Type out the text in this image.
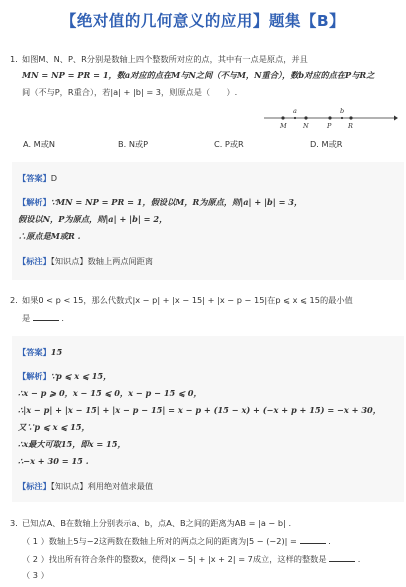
【绝对值的几何意义的应用】题集【B】
1. 如图M、N、P、R分别是数轴上四个整数所对应的点，其中有一点是原点，并且
MN = NP = PR = 1，数a对应的点在M与N之间（不与M，N重合），数b对应的点在P与R之
间（不与P，R重合），若|a| + |b| = 3，则原点是（　　）.
a	b
M	N	P	R
A. M或N	B. N或P	C. P或R	D. M或R
【答案】D
【解析】∵MN = NP = PR = 1，假设以M，R为原点，则|a| + |b| = 3，
假设以N，P为原点，则|a| + |b| = 2，
∴原点是M或R .
【标注】【知识点】数轴上两点间距离
2. 如果0 < p < 15，那么代数式|x − p| + |x − 15| + |x − p − 15|在p ⩽ x ⩽ 15的最小值
是	.
【答案】15
【解析】∵p ⩽ x ⩽ 15，
∴x − p ⩾ 0，x − 15 ⩽ 0，x − p − 15 ⩽ 0，
∴|x − p| + |x − 15| + |x − p − 15| = x − p + (15 − x) + (−x + p + 15) = −x + 30，
又∵p ⩽ x ⩽ 15，
∴x最大可取15，即x = 15，
∴−x + 30 = 15 .
【标注】【知识点】利用绝对值求最值
3. 已知点A、B在数轴上分别表示a、b，点A、B之间的距离为AB = |a − b| .
（ 1 ）数轴上5与−2这两数在数轴上所对的两点之间的距离为|5 − (−2)| =	.
（ 2 ）找出所有符合条件的整数x，使得|x − 5| + |x + 2| = 7成立，这样的整数是	.
（ 3 ）
